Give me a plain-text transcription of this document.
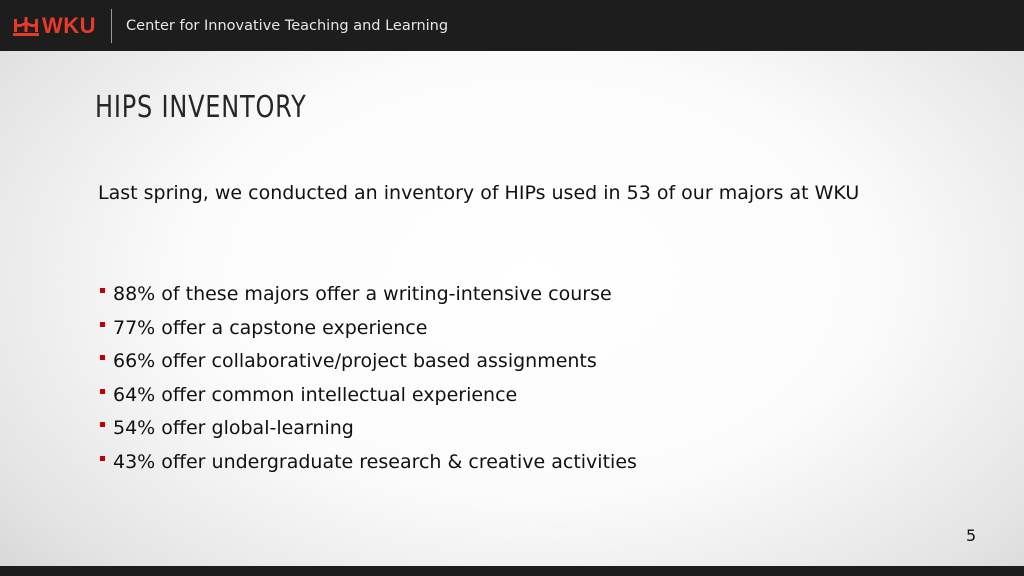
WKU Center for Innovative Teaching and Learning
HIPS INVENTORY

Last spring, we conducted an inventory of HIPs used in 53 of our majors at WKU

88% of these majors offer a writing-intensive course
77% offer a capstone experience
66% offer collaborative/project based assignments
64% offer common intellectual experience
54% offer global-learning
43% offer undergraduate research & creative activities
5
